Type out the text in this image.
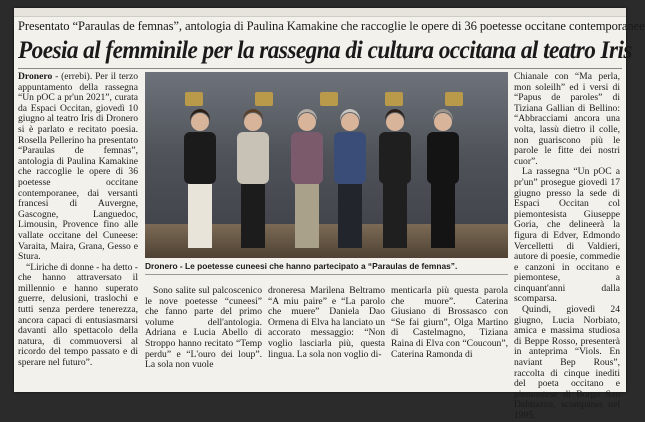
Presentato “Paraulas de femnas”, antologia di Paulina Kamakine che raccoglie le opere di 36 poetesse occitane contemporanee
Poesia al femminile per la rassegna di cultura occitana al teatro Iris

Dronero - (errebi). Per il terzo appuntamento della rassegna “Un pOC a pr'un 2021”, curata da Espaci Occitan, giovedì 10 giugno al teatro Iris di Dronero si è parlato e recitato poesia. Rosella Pellerino ha presentato “Paraulas de femnas”, antologia di Paulina Kamakine che raccoglie le opere di 36 poetesse occitane contemporanee, dai versanti francesi di Auvergne, Gascogne, Languedoc, Limousin, Provence fino alle vallate occitane del Cuneese: Varaita, Maira, Grana, Gesso e Stura.

“Liriche di donne - ha detto - che hanno attraversato il millennio e hanno superato guerre, delusioni, traslochi e tutti senza perdere tenerezza, ancora capaci di entusiasmarsi davanti allo spettacolo della natura, di commuoversi al ricordo del tempo passato e di sperare nel futuro”.

Dronero - Le poetesse cuneesi che hanno partecipato a “Paraulas de femnas”.

Sono salite sul palcoscenico le nove poetesse “cuneesi” che fanno parte del primo volume dell'antologia. Adriana e Lucia Abello di Stroppo hanno recitato “Temp perdu” e “L'ouro dei loup”. La sola non vuole

droneresa Marilena Beltramo “A miu paire” e “La parolo che muere” Daniela Dao Ormena di Elva ha lanciato un accorato messaggio: “Non voglio lasciarla più, questa lingua. La sola non voglio di-

menticarla più questa parola che muore”. Caterina Giusiano di Brossasco con “Se fai giurn”, Olga Martino di Castelmagno, Tiziana Raina di Elva con “Coucoun”, Caterina Ramonda di

Chianale con “Ma perla, mon soleilh” ed i versi di “Papus de paroles” di Tiziana Gallian di Bellino: “Abbracciami ancora una volta, lassù dietro il colle, non guariscono più le parole le fitte dei nostri cuor”.

La rassegna “Un pOC a pr'un” prosegue giovedì 17 giugno presso la sede di Espaci Occitan col piemontesista Giuseppe Goria, che delineerà la figura di Edver, Edmondo Vercelletti di Valdieri, autore di poesie, commedie e canzoni in occitano e piemontese, a cinquant'anni dalla scomparsa.

Quindi, giovedì 24 giugno, Lucia Norbiato, amica e massima studiosa di Beppe Rosso, presenterà in anteprima “Viols. En naviant Bep Rous”, raccolta di cinque inediti del poeta occitano e piemontese di Borgo San Dalmazzo, scomparso nel 1995.
